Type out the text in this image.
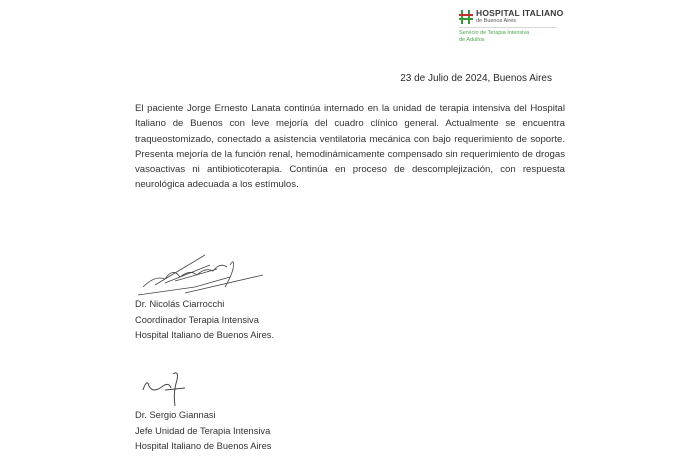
HOSPITAL ITALIANO
de Buenos Aires
Servicio de Terapia Intensiva
de Adultos
23 de Julio de 2024, Buenos Aires
El paciente Jorge Ernesto Lanata continúa internado en la unidad de terapia intensiva del Hospital Italiano de Buenos con leve mejoría del cuadro clínico general. Actualmente se encuentra traqueostomizado, conectado a asistencia ventilatoria mecánica con bajo requerimiento de soporte. Presenta mejoría de la función renal, hemodinámicamente compensado sin requerimiento de drogas vasoactivas ni antibioticoterapia. Continúa en proceso de descomplejización, con respuesta neurológica adecuada a los estímulos.
Dr. Nicolás Ciarrocchi
Coordinador Terapia Intensiva
Hospital Italiano de Buenos Aires.
Dr. Sergio Giannasi
Jefe Unidad de Terapia Intensiva
Hospital Italiano de Buenos Aires
